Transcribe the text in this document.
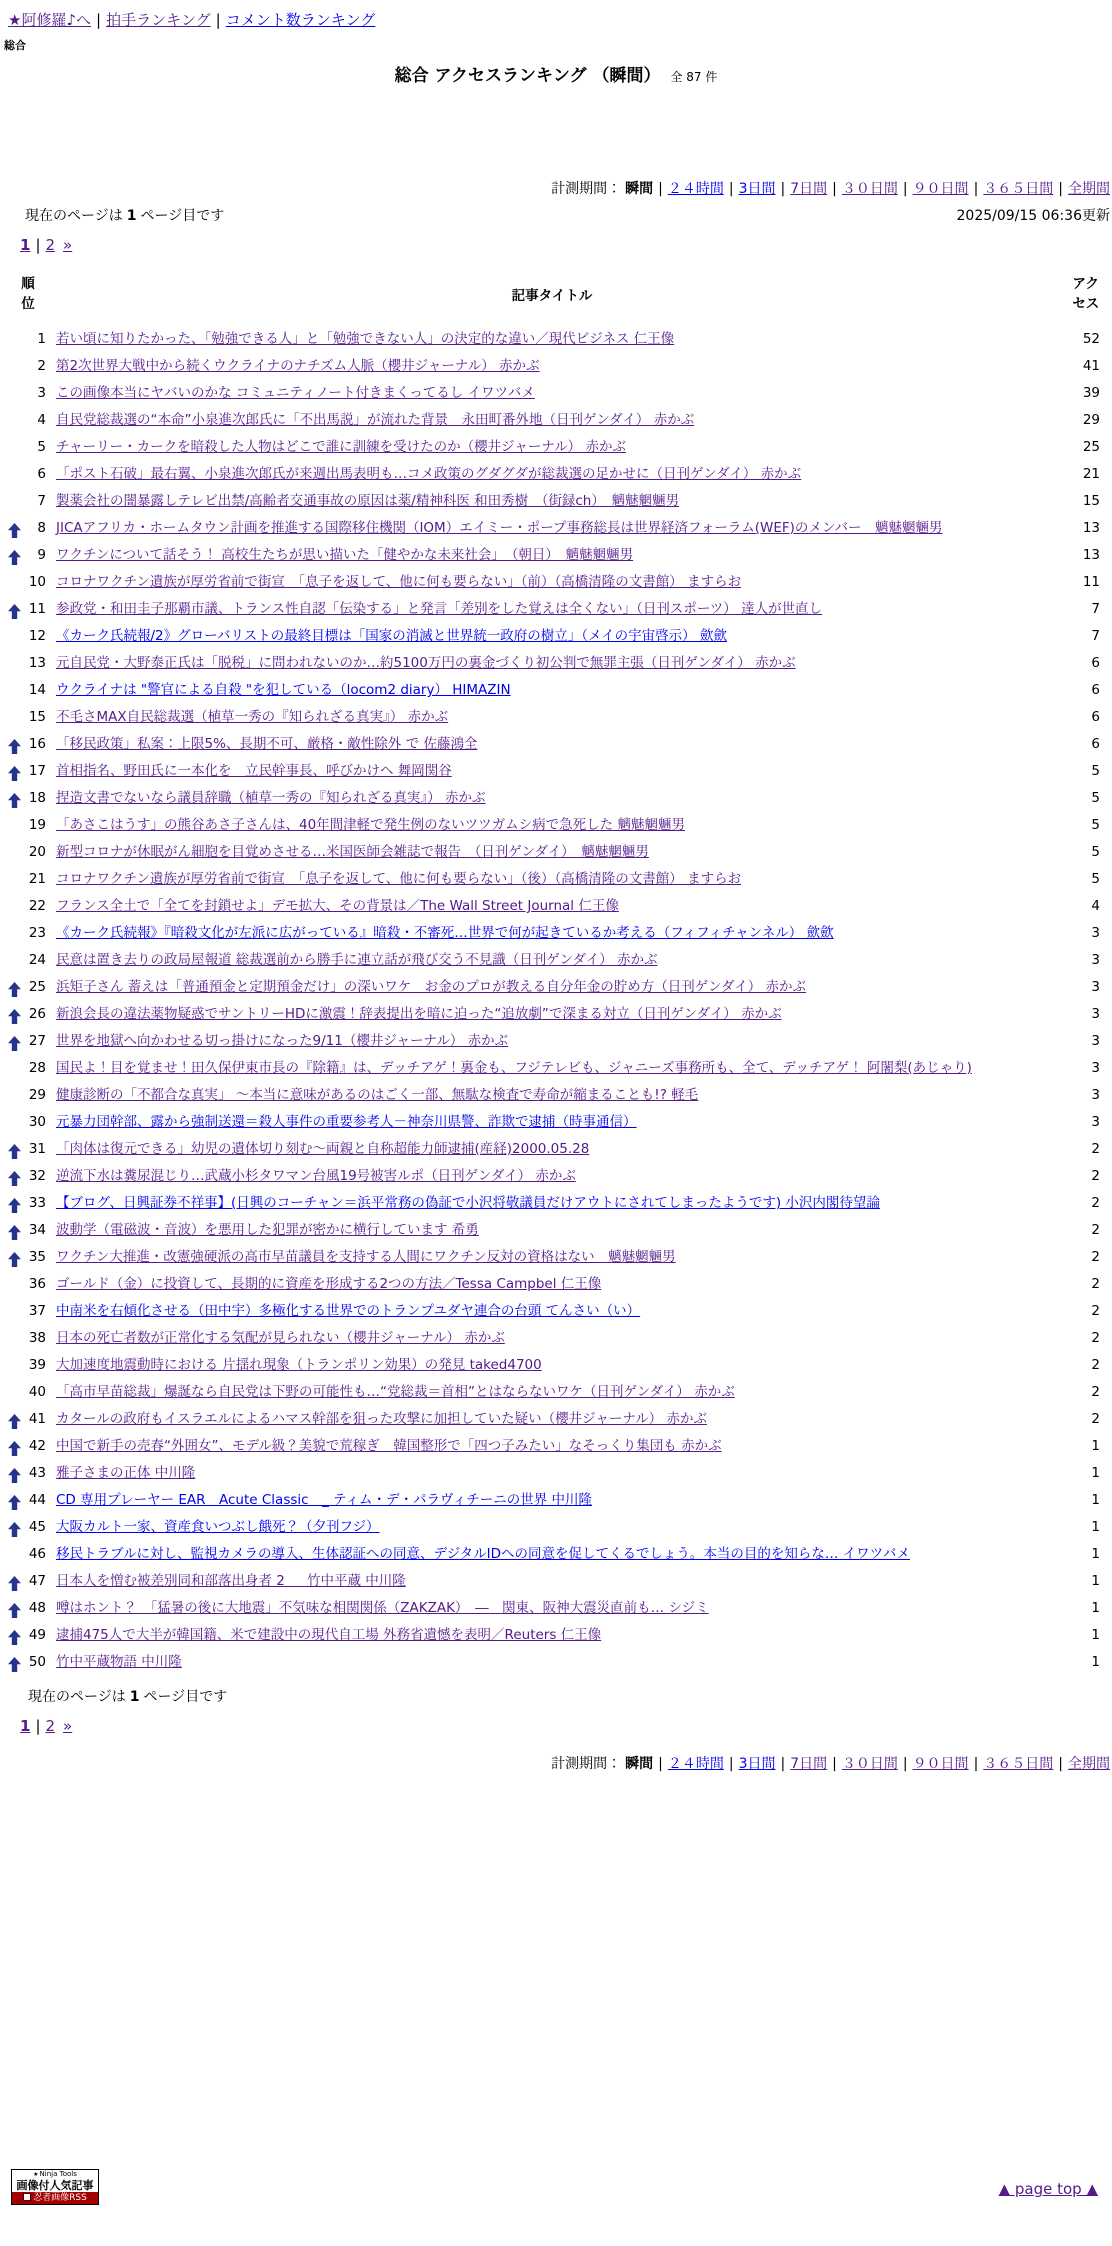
★阿修羅♪へ | 拍手ランキング | コメント数ランキング
総合
総合 アクセスランキング （瞬間） 全 87 件
計測期間： 瞬間 | ２４時間 | 3日間 | 7日間 | ３０日間 | ９０日間 | ３６５日間 | 全期間
現在のページは 1 ページ目です	2025/09/15 06:36更新
1 | 2 »
順位	記事タイトル	アクセス
1	若い頃に知りたかった、「勉強できる人」と「勉強できない人」の決定的な違い／現代ビジネス 仁王像	52
2	第2次世界大戦中から続くウクライナのナチズム人脈（櫻井ジャーナル） 赤かぶ	41
3	この画像本当にヤバいのかな コミュニティノート付きまくってるし イワツバメ	39
4	自民党総裁選の“本命”小泉進次郎氏に「不出馬説」が流れた背景　永田町番外地（日刊ゲンダイ） 赤かぶ	29
5	チャーリー・カークを暗殺した人物はどこで誰に訓練を受けたのか（櫻井ジャーナル） 赤かぶ	25
6	「ポスト石破」最右翼、小泉進次郎氏が来週出馬表明も…コメ政策のグダグダが総裁選の足かせに（日刊ゲンダイ） 赤かぶ	21
7	製薬会社の闇暴露しテレビ出禁/高齢者交通事故の原因は薬/精神科医 和田秀樹　（街録ch）　魑魅魍魎男	15

8	JICAアフリカ・ホームタウン計画を推進する国際移住機関（IOM）エイミー・ポープ事務総長は世界経済フォーラム(WEF)のメンバー　魑魅魍魎男	13

9	ワクチンについて話そう！ 高校生たちが思い描いた「健やかな未来社会」　（朝日）　魑魅魍魎男	13
10	コロナワクチン遺族が厚労省前で街宣　「息子を返して、他に何も要らない」（前）（高橋清隆の文書館） ますらお	11

11	参政党・和田圭子那覇市議、トランス性自認「伝染する」と発言「差別をした覚えは全くない」（日刊スポーツ） 達人が世直し	7
12	《カーク氏続報/2》グローバリストの最終目標は「国家の消滅と世界統一政府の樹立」（メイの宇宙啓示） 歛歛	7
13	元自民党・大野泰正氏は「脱税」に問われないのか…約5100万円の裏金づくり初公判で無罪主張（日刊ゲンダイ） 赤かぶ	6
14	ウクライナは "警官による自殺 "を犯している（locom2 diary） HIMAZIN	6
15	不毛さMAX自民総裁選（植草一秀の『知られざる真実』） 赤かぶ	6

16	「移民政策」私案：上限5%、長期不可、厳格・敵性除外 で 佐藤鴻全	6

17	首相指名、野田氏に一本化を　立民幹事長、呼びかけへ 舞岡関谷	5

18	捏造文書でないなら議員辞職（植草一秀の『知られざる真実』） 赤かぶ	5
19	「あさこはうす」の熊谷あさ子さんは、40年間津軽で発生例のないツツガムシ病で急死した 魑魅魍魎男	5
20	新型コロナが休眠がん細胞を目覚めさせる…米国医師会雑誌で報告　（日刊ゲンダイ）　魑魅魍魎男	5
21	コロナワクチン遺族が厚労省前で街宣　「息子を返して、他に何も要らない」（後）（高橋清隆の文書館） ますらお	5
22	フランス全土で「全てを封鎖せよ」デモ拡大、その背景は／The Wall Street Journal 仁王像	4
23	《カーク氏続報》『暗殺文化が左派に広がっている』暗殺・不審死…世界で何が起きているか考える（フィフィチャンネル） 歛歛	3
24	民意は置き去りの政局屋報道 総裁選前から勝手に連立話が飛び交う不見識（日刊ゲンダイ） 赤かぶ	3

25	浜矩子さん 蓄えは「普通預金と定期預金だけ」の深いワケ　お金のプロが教える自分年金の貯め方（日刊ゲンダイ） 赤かぶ	3

26	新浪会長の違法薬物疑惑でサントリーHDに激震！辞表提出を暗に迫った“追放劇”で深まる対立（日刊ゲンダイ） 赤かぶ	3

27	世界を地獄へ向かわせる切っ掛けになった9/11（櫻井ジャーナル） 赤かぶ	3
28	国民よ！目を覚ませ！田久保伊東市長の『除籍』は、デッチアゲ！裏金も、フジテレビも、ジャニーズ事務所も、全て、デッチアゲ！ 阿闍梨(あじゃり)	3
29	健康診断の「不都合な真実」 〜本当に意味があるのはごく一部、無駄な検査で寿命が縮まることも!? 軽毛	3
30	元暴力団幹部、露から強制送還＝殺人事件の重要参考人－神奈川県警、詐欺で逮捕（時事通信）	3

31	「肉体は復元できる」幼児の遺体切り刻む〜両親と自称超能力師逮捕(産経)2000.05.28	2

32	逆流下水は糞尿混じり…武蔵小杉タワマン台風19号被害ルポ（日刊ゲンダイ） 赤かぶ	2

33	【ブログ、日興証券不祥事】(日興のコーチャン＝浜平常務の偽証で小沢将敬議員だけアウトにされてしまったようです) 小沢内閣待望論	2

34	波動学（電磁波・音波）を悪用した犯罪が密かに横行しています 希勇	2

35	ワクチン大推進・改憲強硬派の高市早苗議員を支持する人間にワクチン反対の資格はない　魑魅魍魎男	2
36	ゴールド（金）に投資して、長期的に資産を形成する2つの方法／Tessa Campbel 仁王像	2
37	中南米を右傾化させる（田中宇）多極化する世界でのトランプユダヤ連合の台頭 てんさい（い）	2
38	日本の死亡者数が正常化する気配が見られない（櫻井ジャーナル） 赤かぶ	2
39	大加速度地震動時における 片揺れ現象（トランポリン効果）の発見 taked4700	2
40	「高市早苗総裁」爆誕なら自民党は下野の可能性も…“党総裁＝首相”とはならないワケ（日刊ゲンダイ） 赤かぶ	2

41	カタールの政府もイスラエルによるハマス幹部を狙った攻撃に加担していた疑い（櫻井ジャーナル） 赤かぶ	2

42	中国で新手の売春“外囲女”、モデル級？美貌で荒稼ぎ　韓国整形で「四つ子みたい」なそっくり集団も 赤かぶ	1

43	雅子さまの正体 中川隆	1

44	CD 専用プレーヤー EAR　Acute Classic　_ ティム・デ・パラヴィチーニの世界 中川隆	1

45	大阪カルト一家、資産食いつぶし餓死？（夕刊フジ）	1
46	移民トラブルに対し、監視カメラの導入、生体認証への同意、デジタルIDへの同意を促してくるでしょう。本当の目的を知らな… イワツバメ	1

47	日本人を憎む被差別同和部落出身者 2 ＿ 竹中平蔵 中川隆	1

48	噂はホント？　「猛暑の後に大地震」不気味な相関関係（ZAKZAK）　―　関東、阪神大震災直前も… シジミ	1

49	逮捕475人で大半が韓国籍、米で建設中の現代自工場 外務省遺憾を表明／Reuters 仁王像	1

50	竹中平蔵物語 中川隆	1
現在のページは 1 ページ目です
1 | 2 »
計測期間： 瞬間 | ２４時間 | 3日間 | 7日間 | ３０日間 | ９０日間 | ３６５日間 | 全期間
★Ninja Tools
画像付人気記事
忍者画像RSS	▲ page top ▲
